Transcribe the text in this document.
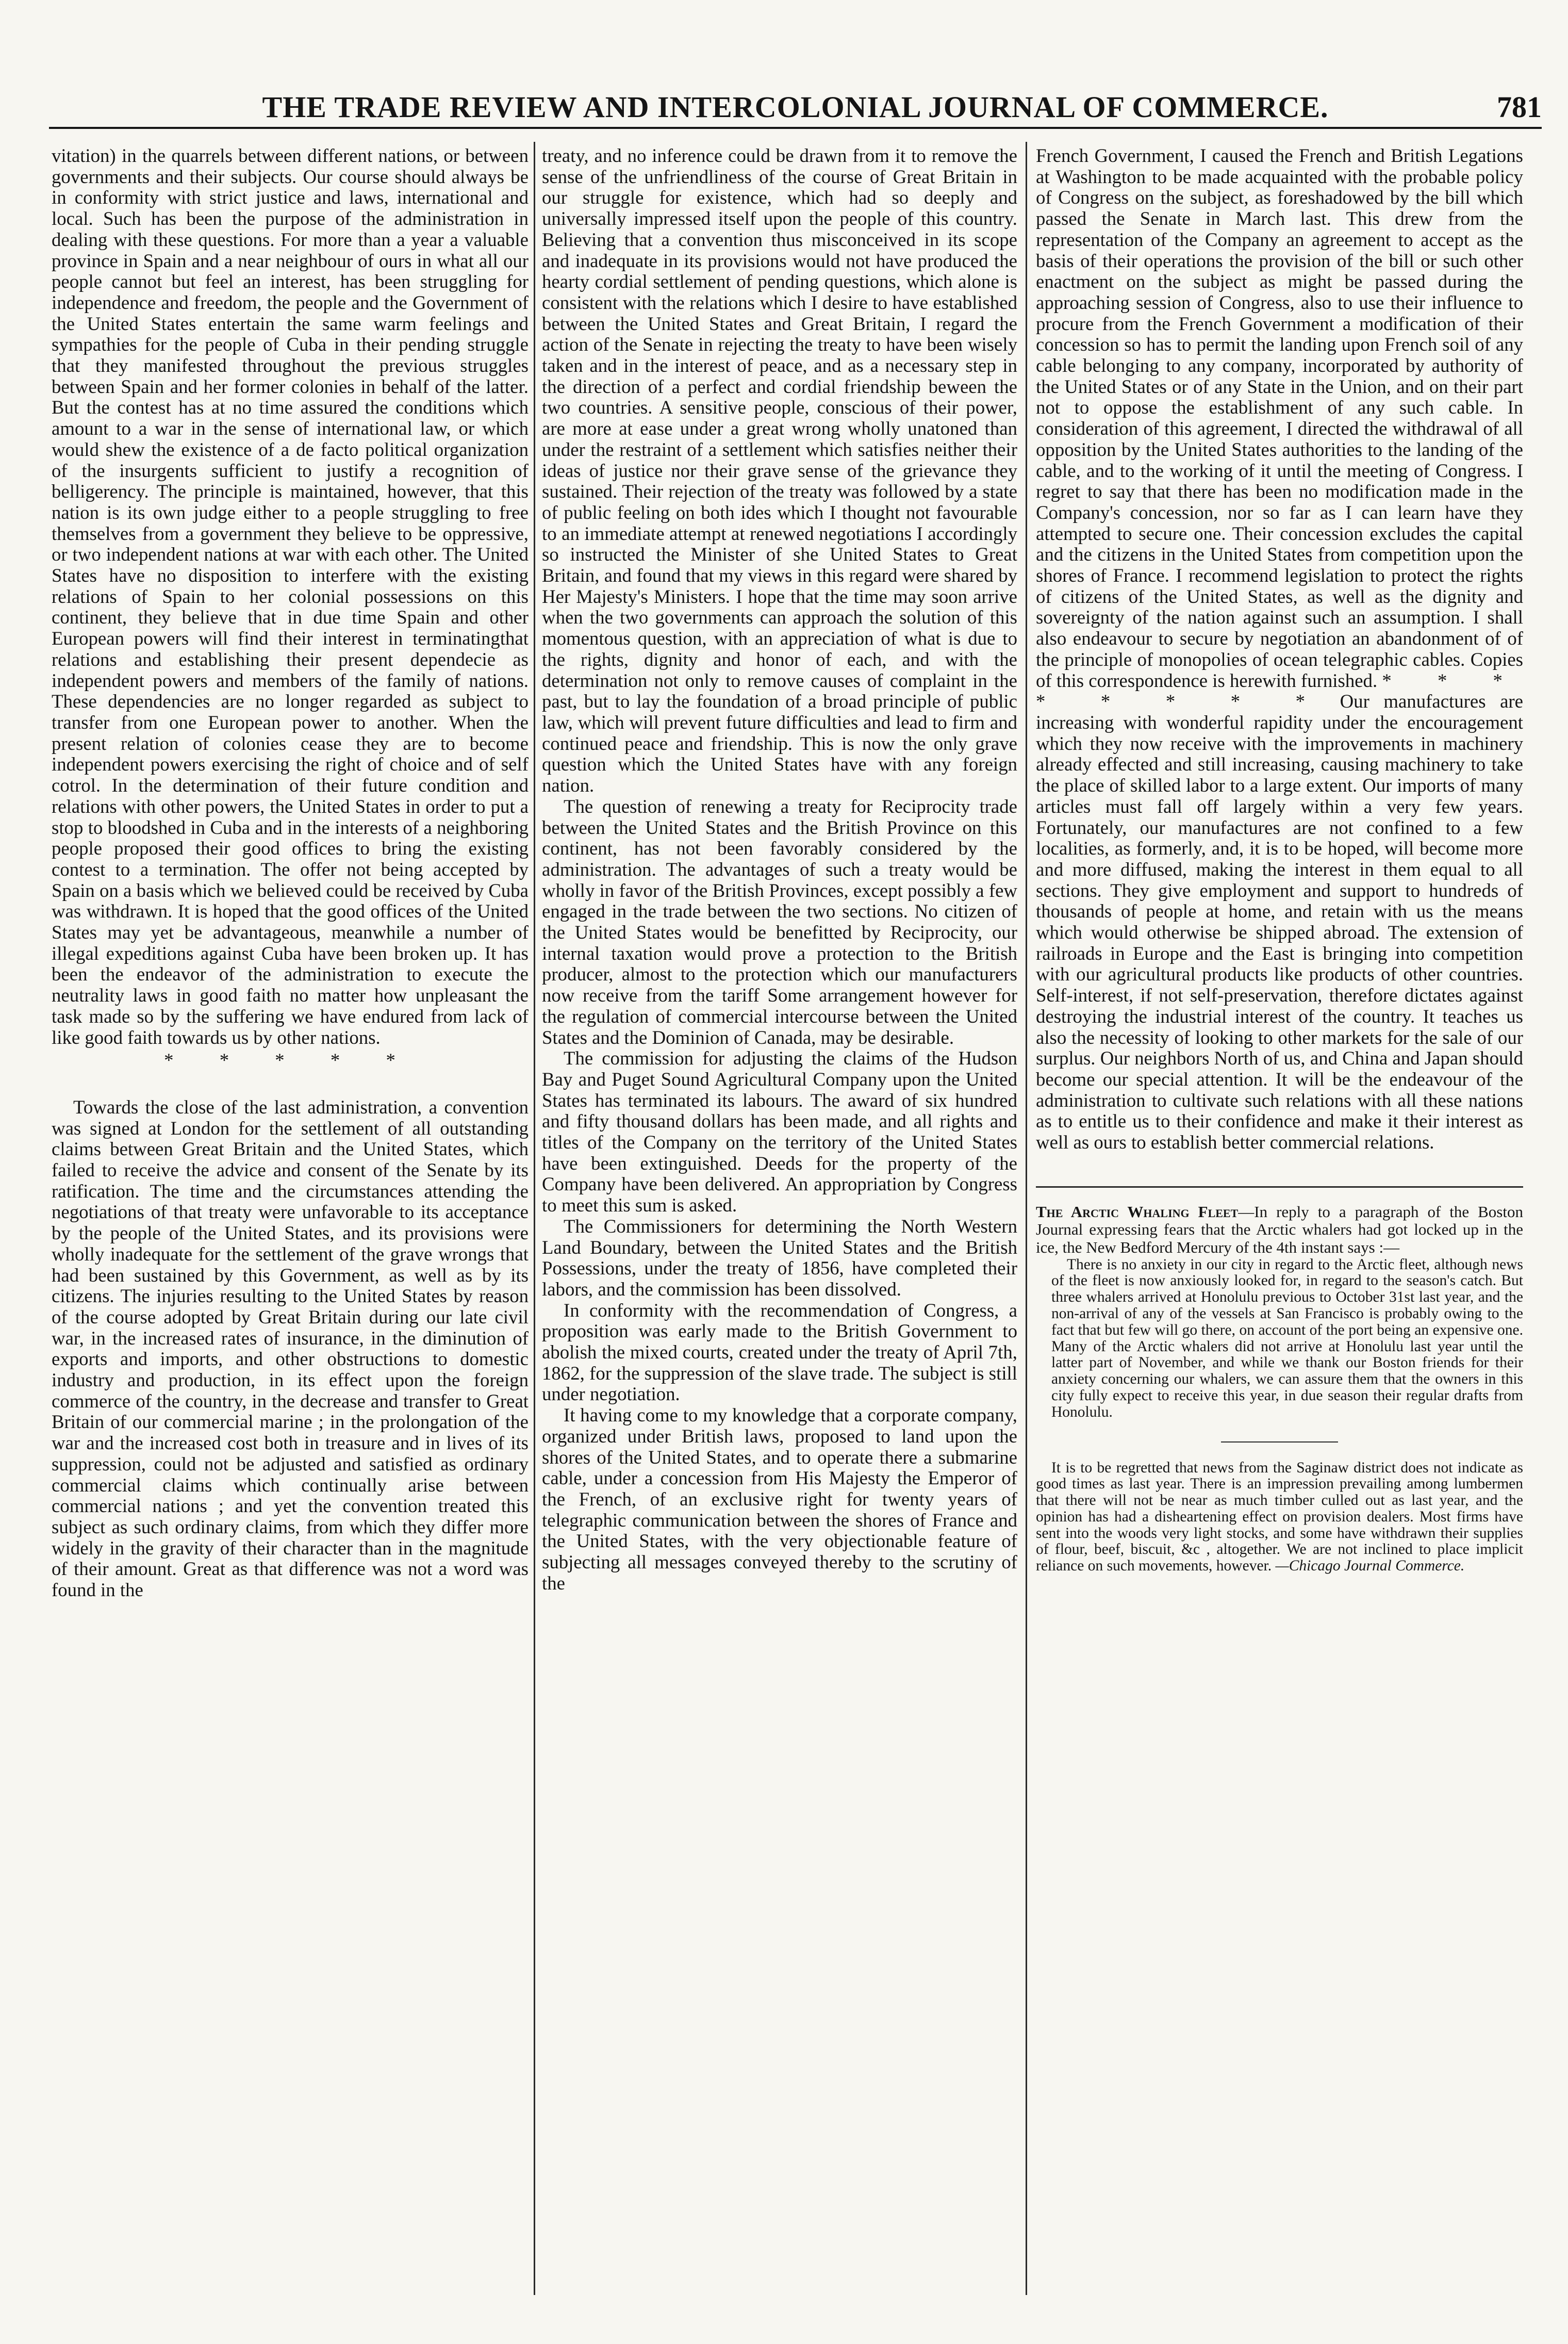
THE TRADE REVIEW AND INTERCOLONIAL JOURNAL OF COMMERCE.	781

vitation) in the quarrels between different nations, or between governments and their subjects. Our course should always be in conformity with strict justice and laws, international and local. Such has been the purpose of the administration in dealing with these questions. For more than a year a valuable province in Spain and a near neighbour of ours in what all our people cannot but feel an interest, has been struggling for independence and freedom, the people and the Government of the United States entertain the same warm feelings and sympathies for the people of Cuba in their pending struggle that they manifested throughout the previous struggles between Spain and her former colonies in behalf of the latter. But the contest has at no time assured the conditions which amount to a war in the sense of international law, or which would shew the existence of a de facto political organization of the insurgents sufficient to justify a recognition of belligerency. The principle is maintained, however, that this nation is its own judge either to a people struggling to free themselves from a government they believe to be oppressive, or two independent nations at war with each other. The United States have no disposition to interfere with the existing relations of Spain to her colonial possessions on this continent, they believe that in due time Spain and other European powers will find their interest in terminatingthat relations and establishing their present dependecie as independent powers and members of the family of nations. These dependencies are no longer regarded as subject to transfer from one European power to another. When the present relation of colonies cease they are to become independent powers exercising the right of choice and of self cotrol. In the determination of their future condition and relations with other powers, the United States in order to put a stop to bloodshed in Cuba and in the interests of a neighboring people proposed their good offices to bring the existing contest to a termination. The offer not being accepted by Spain on a basis which we believed could be received by Cuba was withdrawn. It is hoped that the good offices of the United States may yet be advantageous, meanwhile a number of illegal expeditions against Cuba have been broken up. It has been the endeavor of the administration to execute the neutrality laws in good faith no matter how unpleasant the task made so by the suffering we have endured from lack of like good faith towards us by other nations.

* * * * *

Towards the close of the last administration, a convention was signed at London for the settlement of all outstanding claims between Great Britain and the United States, which failed to receive the advice and consent of the Senate by its ratification. The time and the circumstances attending the negotiations of that treaty were unfavorable to its acceptance by the people of the United States, and its provisions were wholly inadequate for the settlement of the grave wrongs that had been sustained by this Government, as well as by its citizens. The injuries resulting to the United States by reason of the course adopted by Great Britain during our late civil war, in the increased rates of insurance, in the diminution of exports and imports, and other obstructions to domestic industry and production, in its effect upon the foreign commerce of the country, in the decrease and transfer to Great Britain of our commercial marine ; in the prolongation of the war and the increased cost both in treasure and in lives of its suppression, could not be adjusted and satisfied as ordinary commercial claims which continually arise between commercial nations ; and yet the convention treated this subject as such ordinary claims, from which they differ more widely in the gravity of their character than in the magnitude of their amount. Great as that difference was not a word was found in the

treaty, and no inference could be drawn from it to remove the sense of the unfriendliness of the course of Great Britain in our struggle for existence, which had so deeply and universally impressed itself upon the people of this country. Believing that a convention thus misconceived in its scope and inadequate in its provisions would not have produced the hearty cordial settlement of pending questions, which alone is consistent with the relations which I desire to have established between the United States and Great Britain, I regard the action of the Senate in rejecting the treaty to have been wisely taken and in the interest of peace, and as a necessary step in the direction of a perfect and cordial friendship beween the two countries. A sensitive people, conscious of their power, are more at ease under a great wrong wholly unatoned than under the restraint of a settlement which satisfies neither their ideas of justice nor their grave sense of the grievance they sustained. Their rejection of the treaty was followed by a state of public feeling on both ides which I thought not favourable to an immediate attempt at renewed negotiations I accordingly so instructed the Minister of she United States to Great Britain, and found that my views in this regard were shared by Her Majesty's Ministers. I hope that the time may soon arrive when the two governments can approach the solution of this momentous question, with an appreciation of what is due to the rights, dignity and honor of each, and with the determination not only to remove causes of complaint in the past, but to lay the foundation of a broad principle of public law, which will prevent future difficulties and lead to firm and continued peace and friendship. This is now the only grave question which the United States have with any foreign nation.

The question of renewing a treaty for Reciprocity trade between the United States and the British Province on this continent, has not been favorably considered by the administration. The advantages of such a treaty would be wholly in favor of the British Provinces, except possibly a few engaged in the trade between the two sections. No citizen of the United States would be benefitted by Reciprocity, our internal taxation would prove a protection to the British producer, almost to the protection which our manufacturers now receive from the tariff Some arrangement however for the regulation of commercial intercourse between the United States and the Dominion of Canada, may be desirable.

The commission for adjusting the claims of the Hudson Bay and Puget Sound Agricultural Company upon the United States has terminated its labours. The award of six hundred and fifty thousand dollars has been made, and all rights and titles of the Company on the territory of the United States have been extinguished. Deeds for the property of the Company have been delivered. An appropriation by Congress to meet this sum is asked.

The Commissioners for determining the North Western Land Boundary, between the United States and the British Possessions, under the treaty of 1856, have completed their labors, and the commission has been dissolved.

In conformity with the recommendation of Congress, a proposition was early made to the British Government to abolish the mixed courts, created under the treaty of April 7th, 1862, for the suppression of the slave trade. The subject is still under negotiation.

It having come to my knowledge that a corporate company, organized under British laws, proposed to land upon the shores of the United States, and to operate there a submarine cable, under a concession from His Majesty the Emperor of the French, of an exclusive right for twenty years of telegraphic communication between the shores of France and the United States, with the very objectionable feature of subjecting all messages conveyed thereby to the scrutiny of the

French Government, I caused the French and British Legations at Washington to be made acquainted with the probable policy of Congress on the subject, as foreshadowed by the bill which passed the Senate in March last. This drew from the representation of the Company an agreement to accept as the basis of their operations the provision of the bill or such other enactment on the subject as might be passed during the approaching session of Congress, also to use their influence to procure from the French Government a modification of their concession so has to permit the landing upon French soil of any cable belonging to any company, incorporated by authority of the United States or of any State in the Union, and on their part not to oppose the establishment of any such cable. In consideration of this agreement, I directed the withdrawal of all opposition by the United States authorities to the landing of the cable, and to the working of it until the meeting of Congress. I regret to say that there has been no modification made in the Company's concession, nor so far as I can learn have they attempted to secure one. Their concession excludes the capital and the citizens in the United States from competition upon the shores of France. I recommend legislation to protect the rights of citizens of the United States, as well as the dignity and sovereignty of the nation against such an assumption. I shall also endeavour to secure by negotiation an abandonment of of the principle of monopolies of ocean telegraphic cables. Copies of this correspondence is herewith furnished. * * *

* * * * * Our manufactures are increasing with wonderful rapidity under the encouragement which they now receive with the improvements in machinery already effected and still increasing, causing machinery to take the place of skilled labor to a large extent. Our imports of many articles must fall off largely within a very few years. Fortunately, our manufactures are not confined to a few localities, as formerly, and, it is to be hoped, will become more and more diffused, making the interest in them equal to all sections. They give employment and support to hundreds of thousands of people at home, and retain with us the means which would otherwise be shipped abroad. The extension of railroads in Europe and the East is bringing into competition with our agricultural products like products of other countries. Self-interest, if not self-preservation, therefore dictates against destroying the industrial interest of the country. It teaches us also the necessity of looking to other markets for the sale of our surplus. Our neighbors North of us, and China and Japan should become our special attention. It will be the endeavour of the administration to cultivate such relations with all these nations as to entitle us to their confidence and make it their interest as well as ours to establish better commercial relations.

The Arctic Whaling Fleet—In reply to a paragraph of the Boston Journal expressing fears that the Arctic whalers had got locked up in the ice, the New Bedford Mercury of the 4th instant says :—

There is no anxiety in our city in regard to the Arctic fleet, although news of the fleet is now anxiously looked for, in regard to the season's catch. But three whalers arrived at Honolulu previous to October 31st last year, and the non-arrival of any of the vessels at San Francisco is probably owing to the fact that but few will go there, on account of the port being an expensive one. Many of the Arctic whalers did not arrive at Honolulu last year until the latter part of November, and while we thank our Boston friends for their anxiety concerning our whalers, we can assure them that the owners in this city fully expect to receive this year, in due season their regular drafts from Honolulu.

It is to be regretted that news from the Saginaw district does not indicate as good times as last year. There is an impression prevailing among lumbermen that there will not be near as much timber culled out as last year, and the opinion has had a disheartening effect on provision dealers. Most firms have sent into the woods very light stocks, and some have withdrawn their supplies of flour, beef, biscuit, &c , altogether. We are not inclined to place implicit reliance on such movements, however. —Chicago Journal Commerce.
